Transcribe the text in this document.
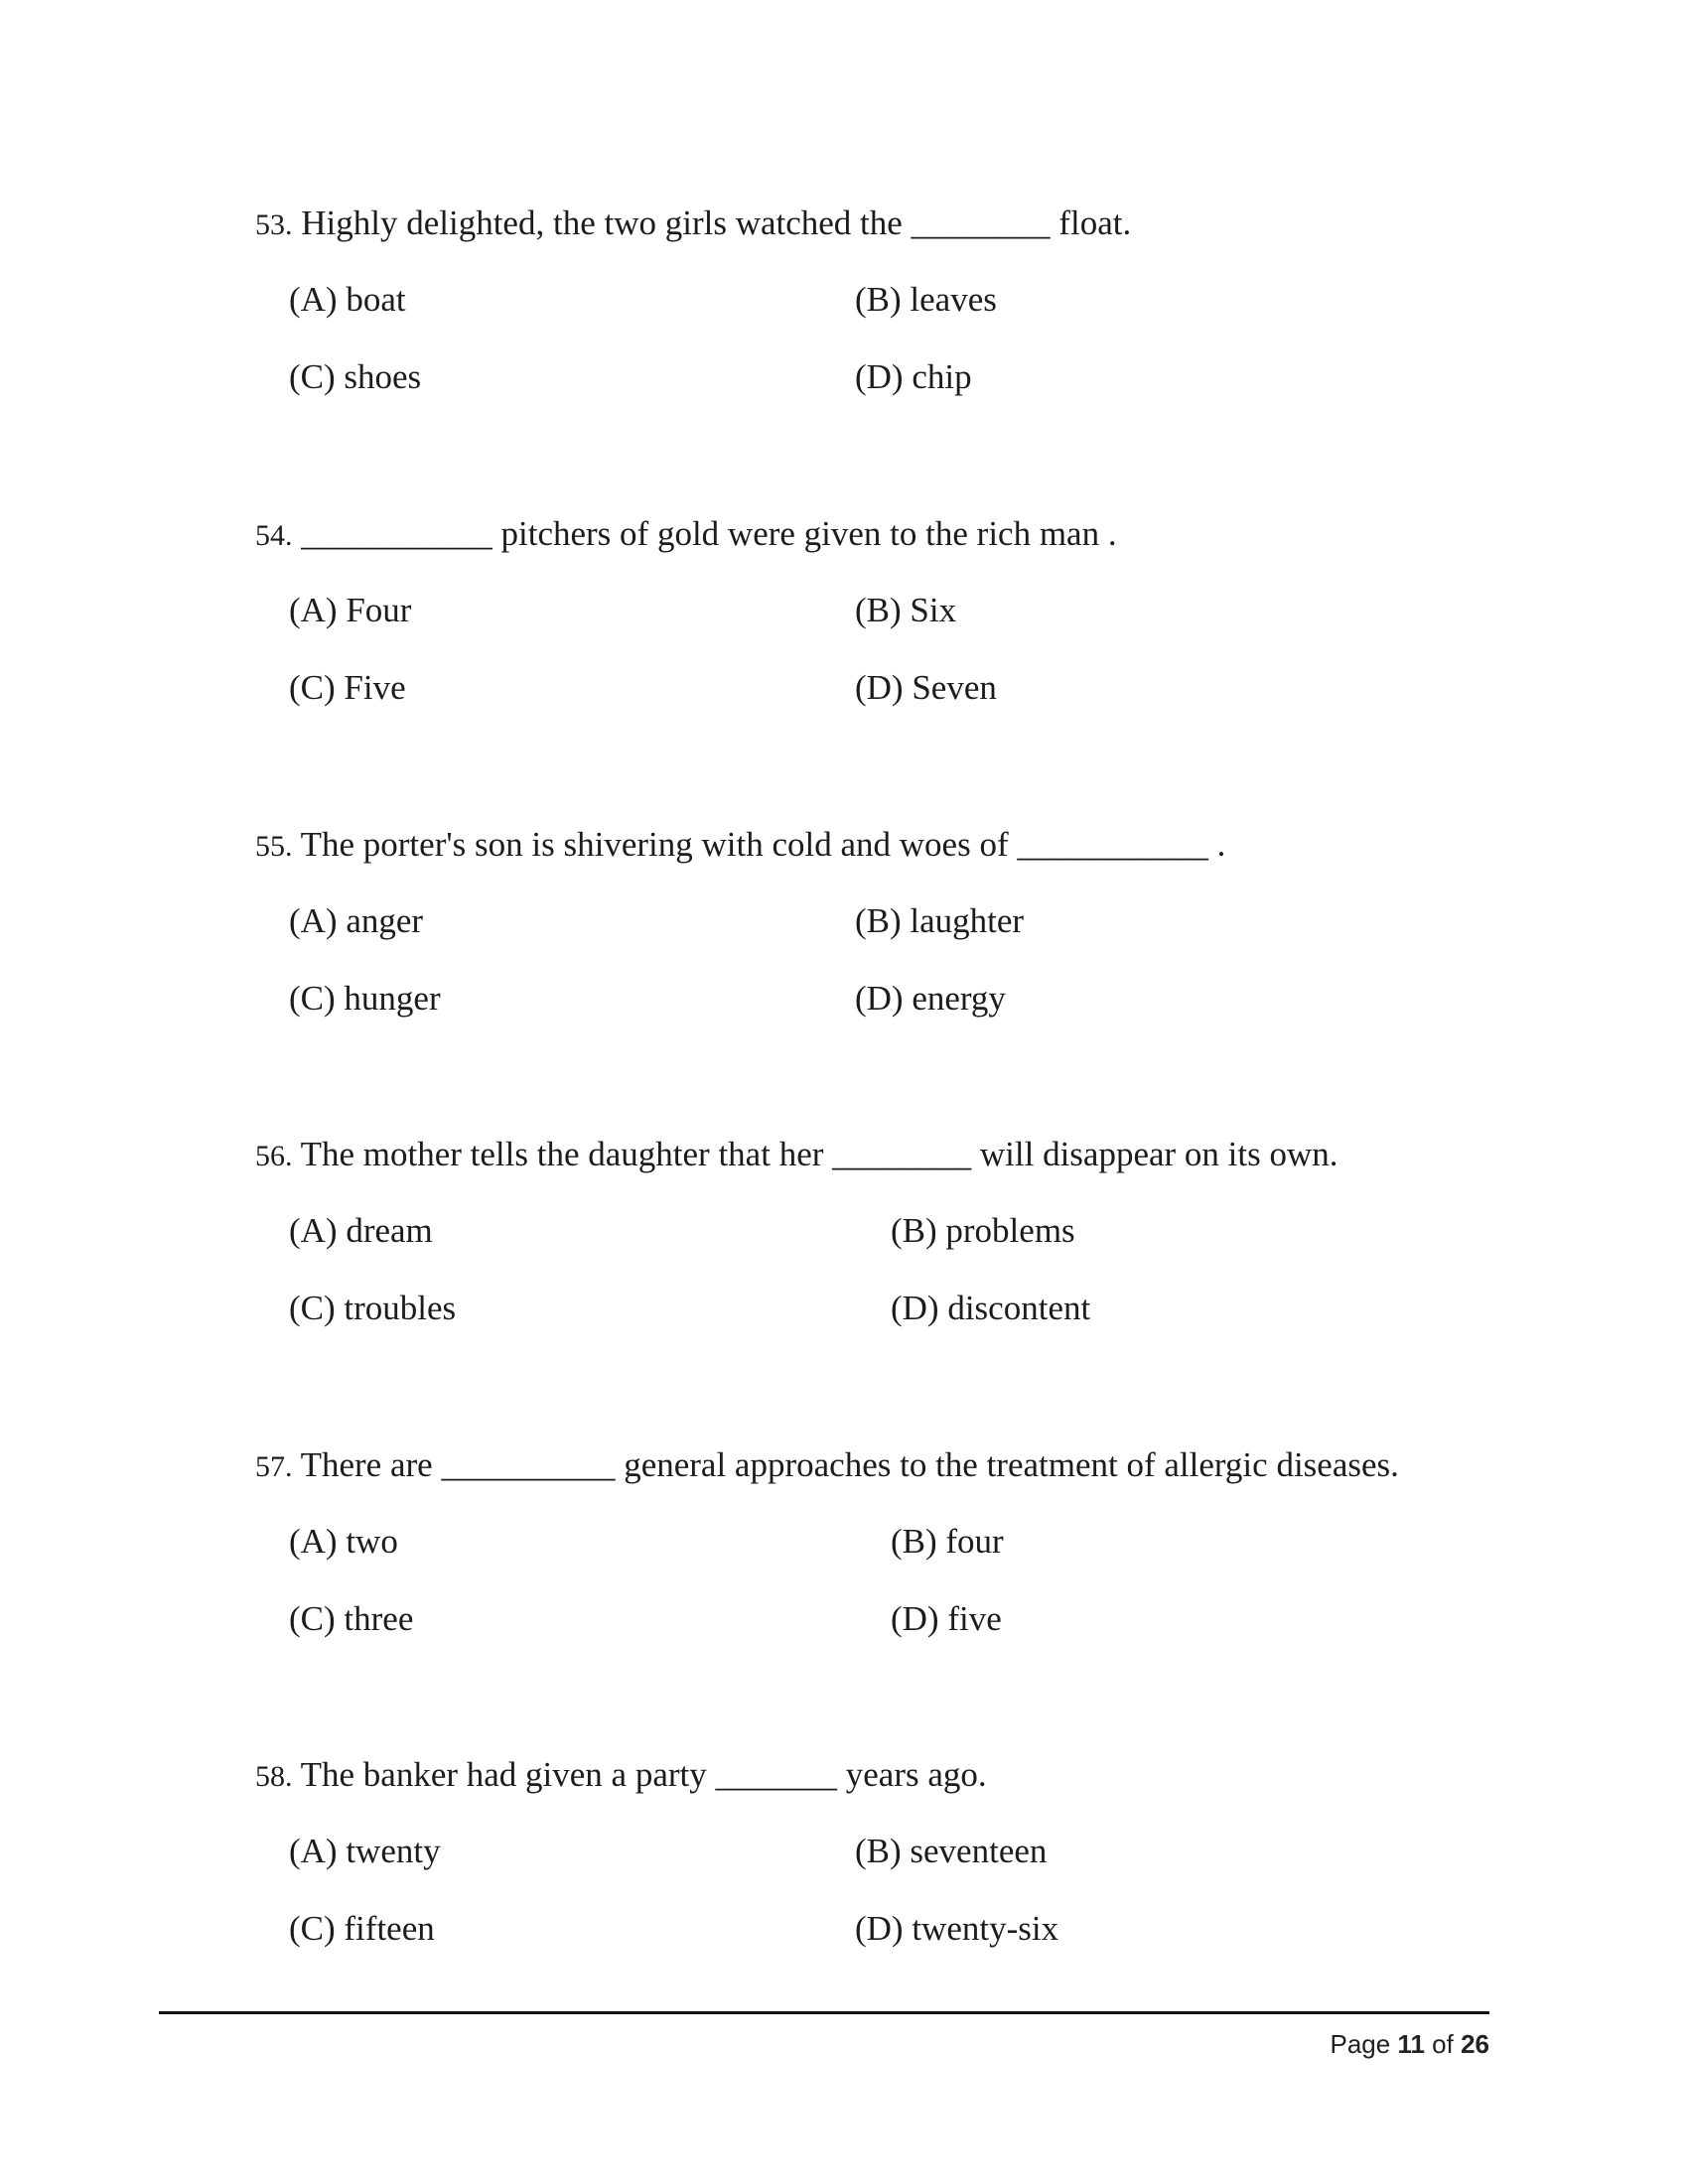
53. Highly delighted, the two girls watched the ________ float.
(A) boat	(B) leaves
(C) shoes	(D) chip
54. ___________ pitchers of gold were given to the rich man .
(A) Four	(B) Six
(C) Five	(D) Seven
55. The porter's son is shivering with cold and woes of ___________ .
(A) anger	(B) laughter
(C) hunger	(D) energy
56. The mother tells the daughter that her ________ will disappear on its own.
(A) dream	(B) problems
(C) troubles	(D) discontent
57. There are __________ general approaches to the treatment of allergic diseases.
(A) two	(B) four
(C) three	(D) five
58. The banker had given a party _______ years ago.
(A) twenty	(B) seventeen
(C) fifteen	(D) twenty-six
Page 11 of 26
